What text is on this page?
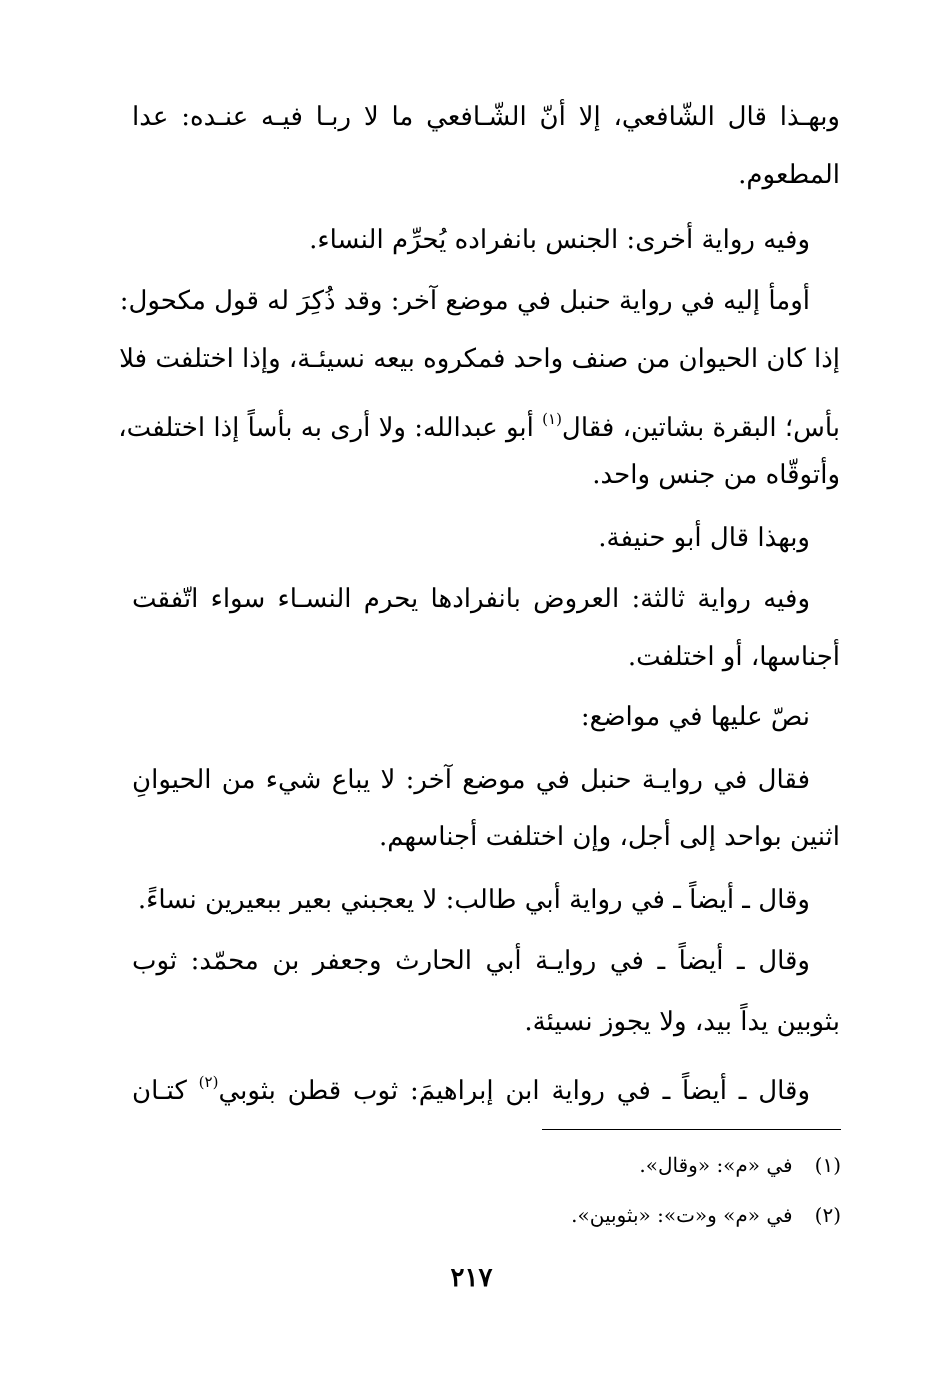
وبهـذا قال الشّافعي، إلا أنّ الشّـافعي ما لا ربـا فيـه عنـده: عدا
المطعوم.
وفيه رواية أخرى: الجنس بانفراده يُحرِّم النساء.
أومأ إليه في رواية حنبل في موضع آخر: وقد ذُكِرَ له قول مكحول:
إذا كان الحيوان من صنف واحد فمكروه بيعه نسيئـة، وإذا اختلفت فلا
بأس؛ البقرة بشاتين، فقال$^{(١)}$ أبو عبدالله: ولا أرى به بأساً إذا اختلفت،
وأتوقّاه من جنس واحد.
وبهذا قال أبو حنيفة.
وفيه رواية ثالثة: العروض بانفرادها يحرم النسـاء سواء اتّفقت
أجناسها، أو اختلفت.
نصّ عليها في مواضع:
فقال في روايـة حنبل في موضع آخر: لا يباع شيء من الحيوانِ
اثنين بواحد إلى أجل، وإن اختلفت أجناسهم.
وقال ـ أيضاً ـ في رواية أبي طالب: لا يعجبني بعير ببعيرين نساءً.
وقال ـ أيضاً ـ في روايـة أبي الحارث وجعفر بن محمّد: ثوب
بثوبين يداً بيد، ولا يجوز نسيئة.
وقال ـ أيضاً ـ في رواية ابن إبراهيمَ: ثوب قطن بثوبي$^{(٢)}$ كتـان
(١)في «م»: «وقال».
(٢)في «م» و«ت»: «بثوبين».
٢١٧
